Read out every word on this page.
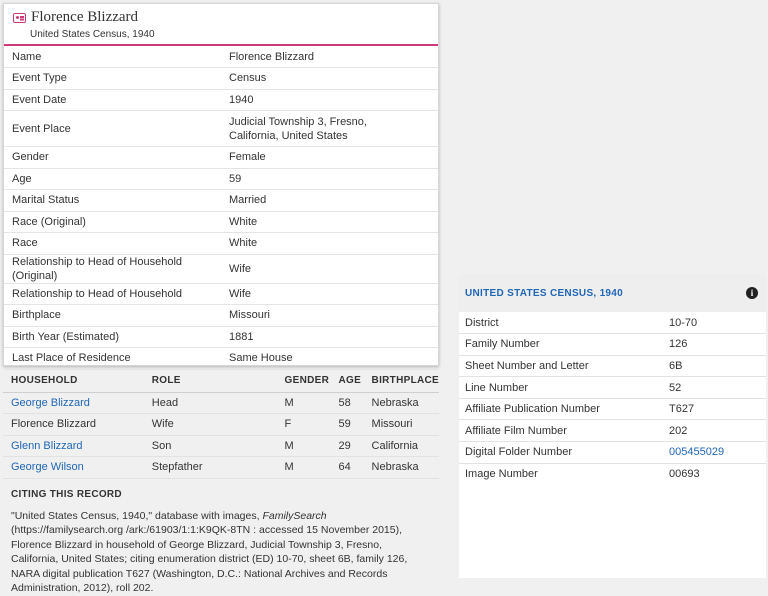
Florence Blizzard
United States Census, 1940
Name	Florence Blizzard
Event Type	Census
Event Date	1940
Event Place	Judicial Township 3, Fresno, California, United States
Gender	Female
Age	59
Marital Status	Married
Race (Original)	White
Race	White
Relationship to Head of Household (Original)	Wife
Relationship to Head of Household	Wife
Birthplace	Missouri
Birth Year (Estimated)	1881
Last Place of Residence	Same House
HOUSEHOLD	ROLE	GENDER	AGE	BIRTHPLACE
George Blizzard	Head	M	58	Nebraska
Florence Blizzard	Wife	F	59	Missouri
Glenn Blizzard	Son	M	29	California
George Wilson	Stepfather	M	64	Nebraska
CITING THIS RECORD
"United States Census, 1940," database with images, FamilySearch (https://familysearch.org /ark:/61903/1:1:K9QK-8TN : accessed 15 November 2015), Florence Blizzard in household of George Blizzard, Judicial Township 3, Fresno, California, United States; citing enumeration district (ED) 10-70, sheet 6B, family 126, NARA digital publication T627 (Washington, D.C.: National Archives and Records Administration, 2012), roll 202.
UNITED STATES CENSUS, 1940	i
District	10-70
Family Number	126
Sheet Number and Letter	6B
Line Number	52
Affiliate Publication Number	T627
Affiliate Film Number	202
Digital Folder Number	005455029
Image Number	00693
